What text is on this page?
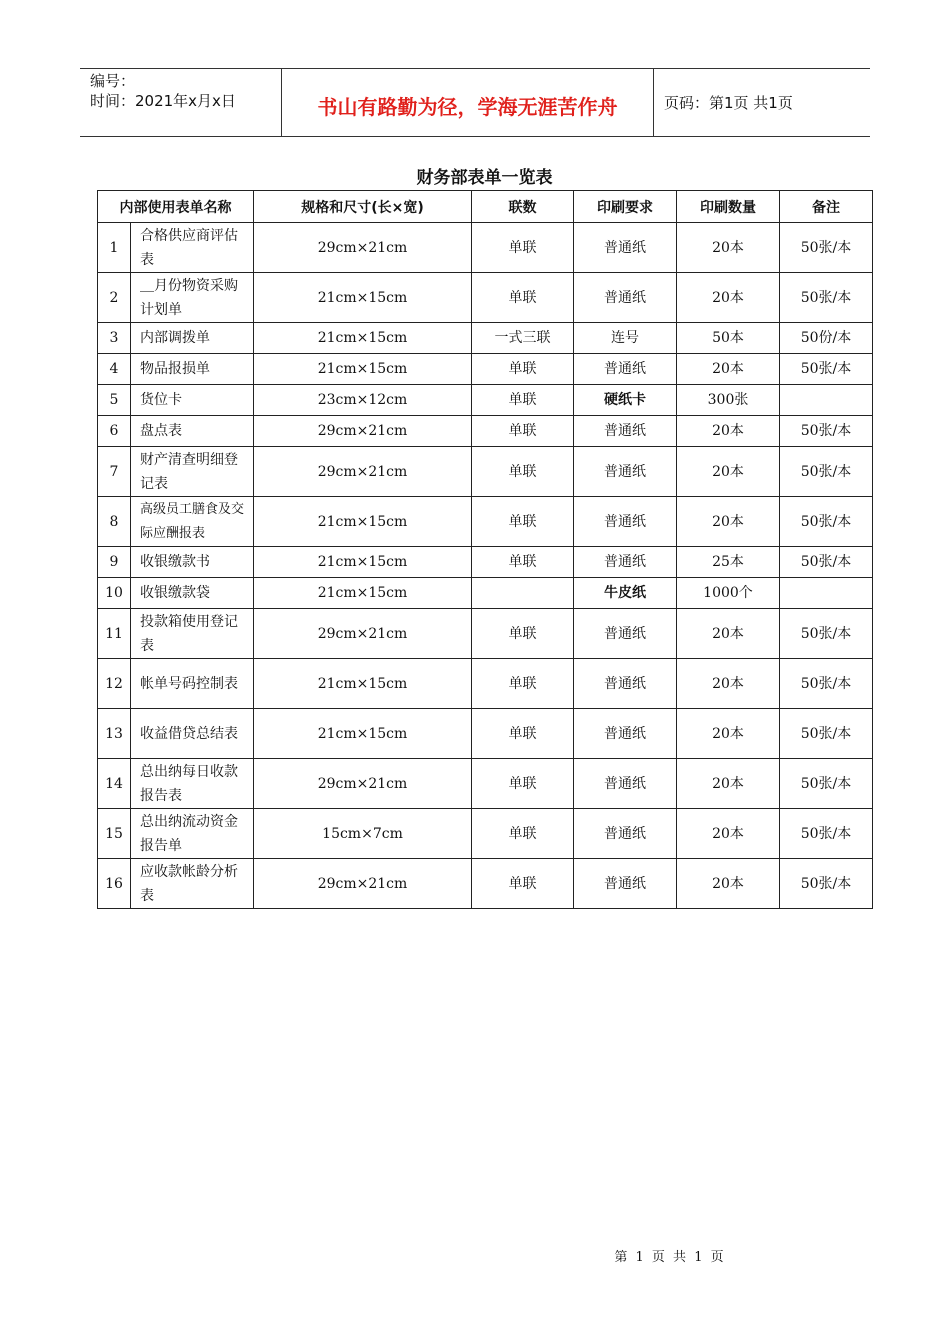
编号：
时间：2021年x月x日	书山有路勤为径，学海无涯苦作舟	页码：第1页 共1页
财务部表单一览表
内部使用表单名称		规格和尺寸(长×宽)	联数	印刷要求	印刷数量	备注
1	合格供应商评估表	29cm×21cm	单联	普通纸	20本	50张/本
2	＿月份物资采购计划单	21cm×15cm	单联	普通纸	20本	50张/本
3	内部调拨单	21cm×15cm	一式三联	连号	50本	50份/本
4	物品报损单	21cm×15cm	单联	普通纸	20本	50张/本
5	货位卡	23cm×12cm	单联	硬纸卡	300张	
6	盘点表	29cm×21cm	单联	普通纸	20本	50张/本
7	财产清查明细登记表	29cm×21cm	单联	普通纸	20本	50张/本
8	高级员工膳食及交际应酬报表	21cm×15cm	单联	普通纸	20本	50张/本
9	收银缴款书	21cm×15cm	单联	普通纸	25本	50张/本
10	收银缴款袋	21cm×15cm		牛皮纸	1000个	
11	投款箱使用登记表	29cm×21cm	单联	普通纸	20本	50张/本
12	帐单号码控制表	21cm×15cm	单联	普通纸	20本	50张/本
13	收益借贷总结表	21cm×15cm	单联	普通纸	20本	50张/本
14	总出纳每日收款报告表	29cm×21cm	单联	普通纸	20本	50张/本
15	总出纳流动资金报告单	15cm×7cm	单联	普通纸	20本	50张/本
16	应收款帐龄分析表	29cm×21cm	单联	普通纸	20本	50张/本
第 1 页 共 1 页
